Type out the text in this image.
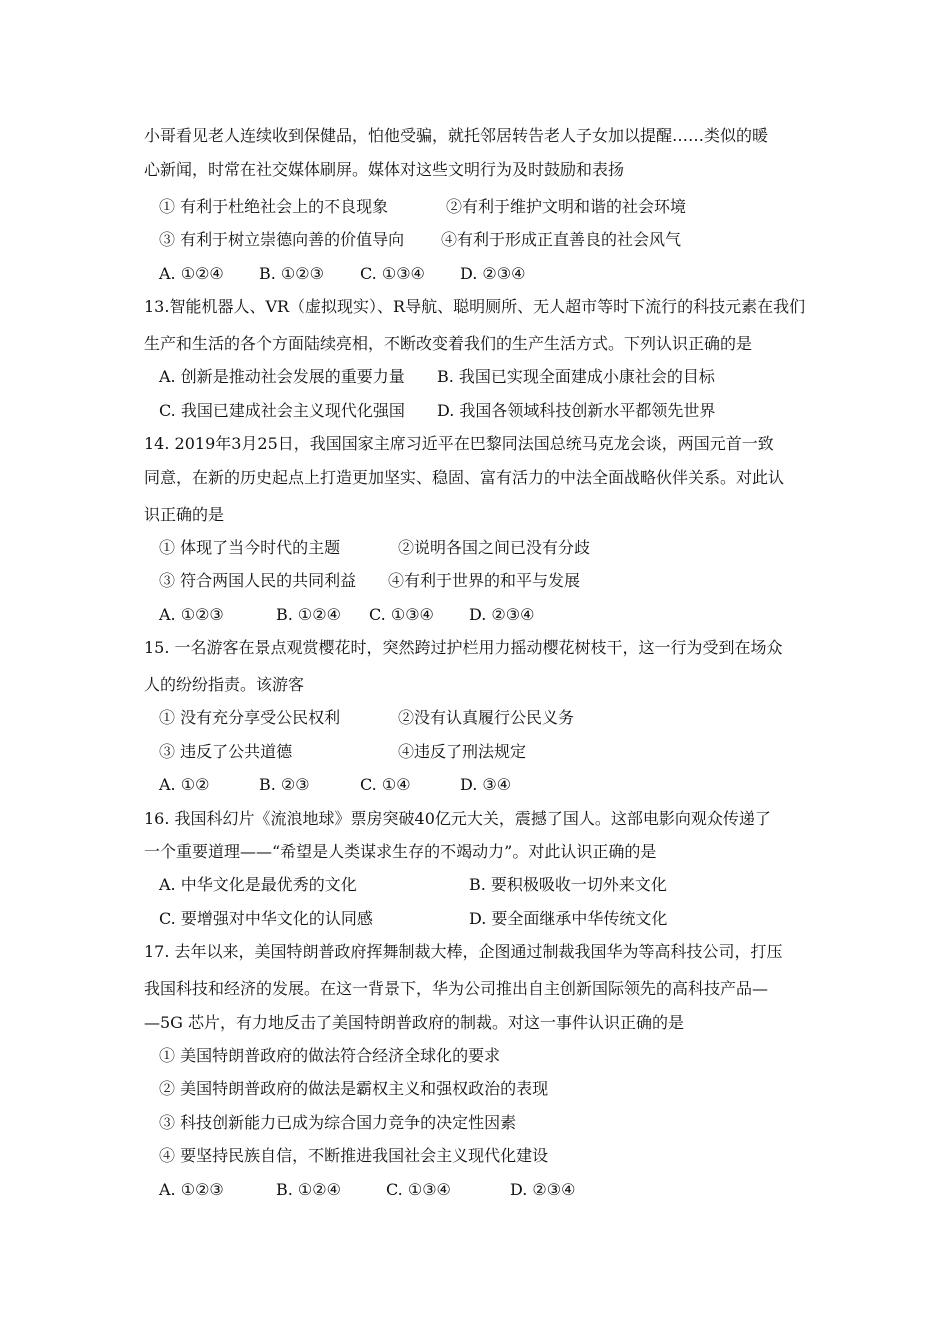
小哥看见老人连续收到保健品，怕他受骗，就托邻居转告老人子女加以提醒……类似的暖
心新闻，时常在社交媒体刷屏。媒体对这些文明行为及时鼓励和表扬
① 有利于杜绝社会上的不良现象	②有利于维护文明和谐的社会环境
③ 有利于树立崇德向善的价值导向 ④有利于形成正直善良的社会风气
A. ①②④ B. ①②③ C. ①③④ D. ②③④
13.智能机器人、VR（虚拟现实）、R导航、聪明厕所、无人超市等时下流行的科技元素在我们
生产和生活的各个方面陆续亮相，不断改变着我们的生产生活方式。下列认识正确的是
A. 创新是推动社会发展的重要力量 B. 我国已实现全面建成小康社会的目标
C. 我国已建成社会主义现代化强国 D. 我国各领域科技创新水平都领先世界
14. 2019年3月25日，我国国家主席习近平在巴黎同法国总统马克龙会谈，两国元首一致
同意，在新的历史起点上打造更加坚实、稳固、富有活力的中法全面战略伙伴关系。对此认
识正确的是
① 体现了当今时代的主题	②说明各国之间已没有分歧
③ 符合两国人民的共同利益 ④有利于世界的和平与发展
A. ①②③	B. ①②④ C. ①③④ D. ②③④
15. 一名游客在景点观赏樱花时，突然跨过护栏用力摇动樱花树枝干，这一行为受到在场众
人的纷纷指责。该游客
① 没有充分享受公民权利	②没有认真履行公民义务
③ 违反了公共道德	④违反了刑法规定
A. ①②	B. ②③	C. ①④	D. ③④
16. 我国科幻片《流浪地球》票房突破40亿元大关，震撼了国人。这部电影向观众传递了
一个重要道理——“希望是人类谋求生存的不竭动力”。对此认识正确的是
A. 中华文化是最优秀的文化	B. 要积极吸收一切外来文化
C. 要增强对中华文化的认同感	D. 要全面继承中华传统文化
17. 去年以来，美国特朗普政府挥舞制裁大棒，企图通过制裁我国华为等高科技公司，打压
我国科技和经济的发展。在这一背景下，华为公司推出自主创新国际领先的高科技产品—
—5G 芯片，有力地反击了美国特朗普政府的制裁。对这一事件认识正确的是
① 美国特朗普政府的做法符合经济全球化的要求
② 美国特朗普政府的做法是霸权主义和强权政治的表现
③ 科技创新能力已成为综合国力竞争的决定性因素
④ 要坚持民族自信，不断推进我国社会主义现代化建设
A. ①②③	B. ①②④	C. ①③④	D. ②③④
